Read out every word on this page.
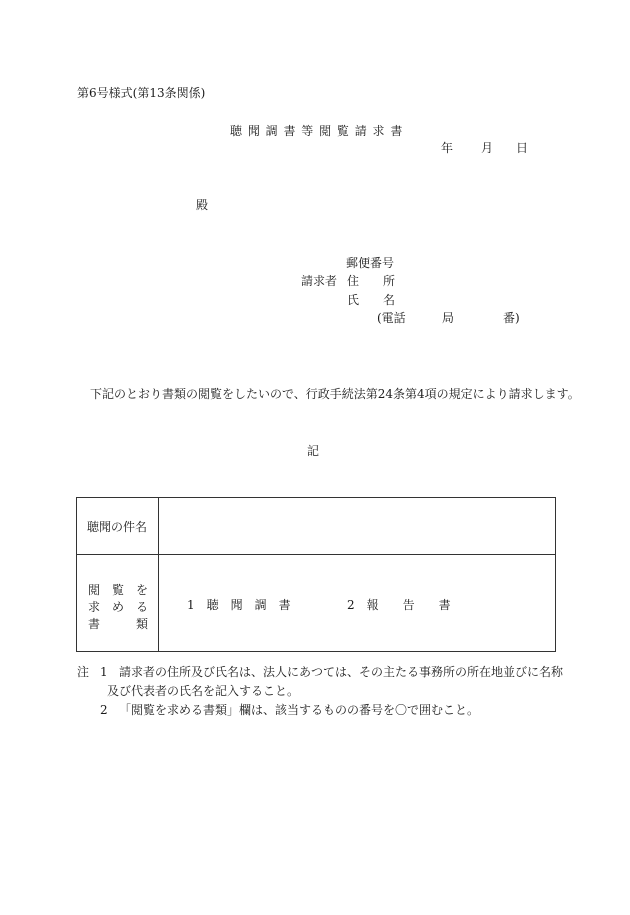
第6号様式(第13条関係)
聴 聞 調 書 等 閲 覧 請 求 書
年 月 日
殿
郵便番号
請求者 住　　所
氏　　名
(電話	局	番)
下記のとおり書類の閲覧をしたいので、行政手続法第24条第4項の規定により請求します。
記
聴聞の件名
閲　覧　を
求　め　る
書　　　類
1　聴　聞　調　書	2　報　　告　　書
注 1 請求者の住所及び氏名は、法人にあつては、その主たる事務所の所在地並びに名称
及び代表者の氏名を記入すること。
2 「閲覧を求める書類」欄は、該当するものの番号を〇で囲むこと。
